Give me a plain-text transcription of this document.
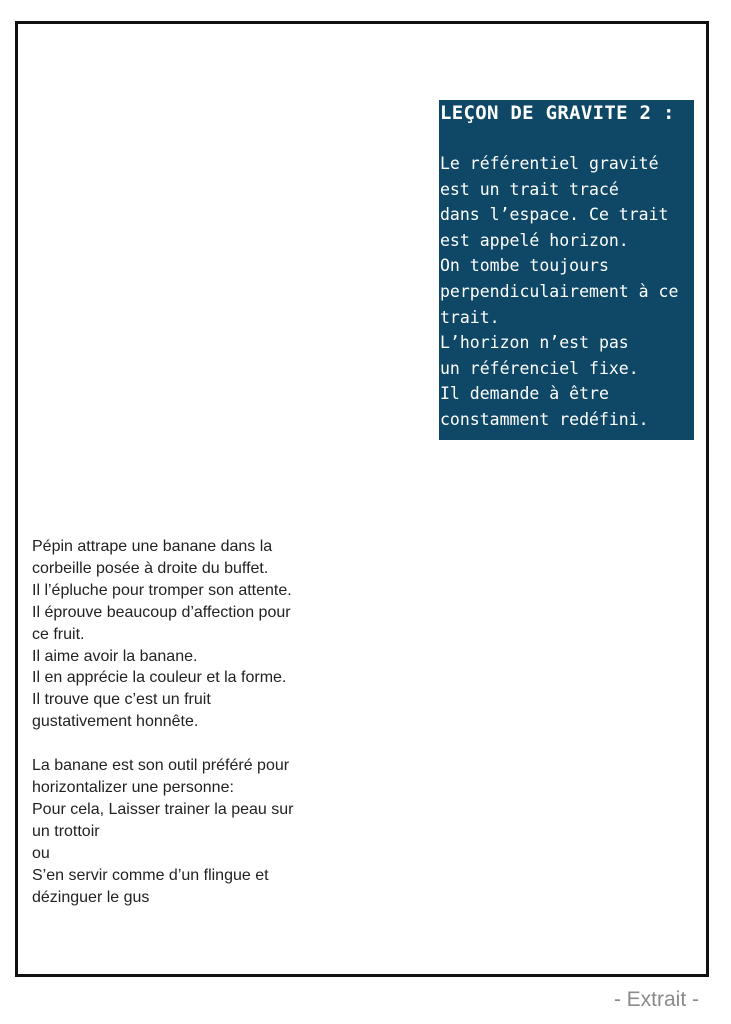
LEÇON DE GRAVITE 2 :

Le référentiel gravité

est un trait tracé

dans l’espace. Ce trait

est appelé horizon.

On tombe toujours

perpendiculairement à ce

trait.

L’horizon n’est pas

un référenciel fixe.

Il demande à être

constamment redéfini.

Pépin attrape une banane dans la

corbeille posée à droite du buffet.

Il l’épluche pour tromper son attente.

Il éprouve beaucoup d’affection pour

ce fruit.

Il aime avoir la banane.

Il en apprécie la couleur et la forme.

Il trouve que c’est un fruit

gustativement honnête.

La banane est son outil préféré pour

horizontalizer une personne:

Pour cela, Laisser trainer la peau sur

un trottoir

ou

S’en servir comme d’un flingue et

dézinguer le gus

- Extrait -
